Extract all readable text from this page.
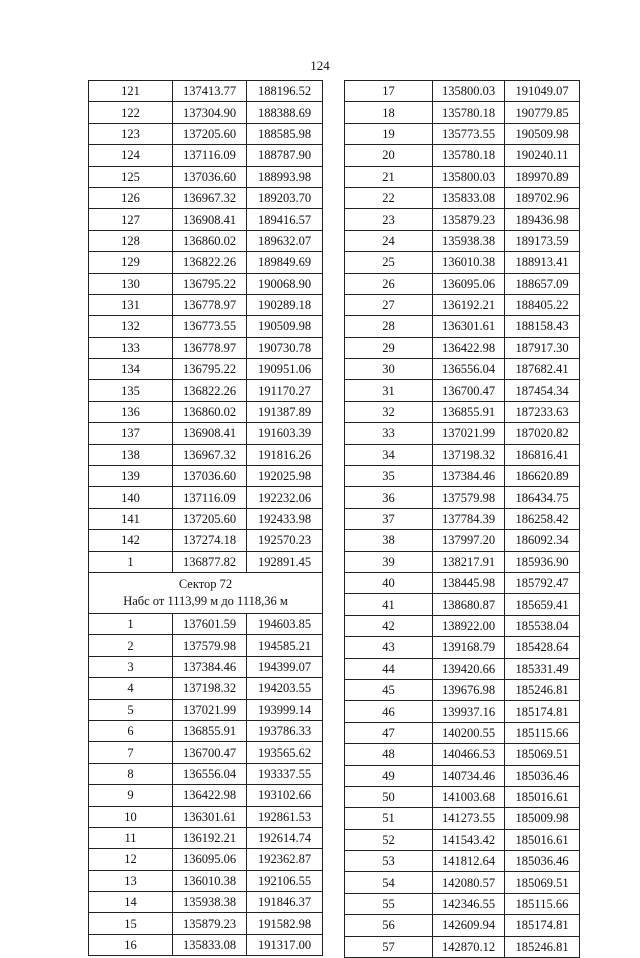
124
121	137413.77	188196.52
122	137304.90	188388.69
123	137205.60	188585.98
124	137116.09	188787.90
125	137036.60	188993.98
126	136967.32	189203.70
127	136908.41	189416.57
128	136860.02	189632.07
129	136822.26	189849.69
130	136795.22	190068.90
131	136778.97	190289.18
132	136773.55	190509.98
133	136778.97	190730.78
134	136795.22	190951.06
135	136822.26	191170.27
136	136860.02	191387.89
137	136908.41	191603.39
138	136967.32	191816.26
139	137036.60	192025.98
140	137116.09	192232.06
141	137205.60	192433.98
142	137274.18	192570.23
1	136877.82	192891.45

Сектор 72
Набс от 1113,99 м до 1118,36 м		

1	137601.59	194603.85
2	137579.98	194585.21
3	137384.46	194399.07
4	137198.32	194203.55
5	137021.99	193999.14
6	136855.91	193786.33
7	136700.47	193565.62
8	136556.04	193337.55
9	136422.98	193102.66
10	136301.61	192861.53
11	136192.21	192614.74
12	136095.06	192362.87
13	136010.38	192106.55
14	135938.38	191846.37
15	135879.23	191582.98
16	135833.08	191317.00
17	135800.03	191049.07
18	135780.18	190779.85
19	135773.55	190509.98
20	135780.18	190240.11
21	135800.03	189970.89
22	135833.08	189702.96
23	135879.23	189436.98
24	135938.38	189173.59
25	136010.38	188913.41
26	136095.06	188657.09
27	136192.21	188405.22
28	136301.61	188158.43
29	136422.98	187917.30
30	136556.04	187682.41
31	136700.47	187454.34
32	136855.91	187233.63
33	137021.99	187020.82
34	137198.32	186816.41
35	137384.46	186620.89
36	137579.98	186434.75
37	137784.39	186258.42
38	137997.20	186092.34
39	138217.91	185936.90
40	138445.98	185792.47
41	138680.87	185659.41
42	138922.00	185538.04
43	139168.79	185428.64
44	139420.66	185331.49
45	139676.98	185246.81
46	139937.16	185174.81
47	140200.55	185115.66
48	140466.53	185069.51
49	140734.46	185036.46
50	141003.68	185016.61
51	141273.55	185009.98
52	141543.42	185016.61
53	141812.64	185036.46
54	142080.57	185069.51
55	142346.55	185115.66
56	142609.94	185174.81
57	142870.12	185246.81
